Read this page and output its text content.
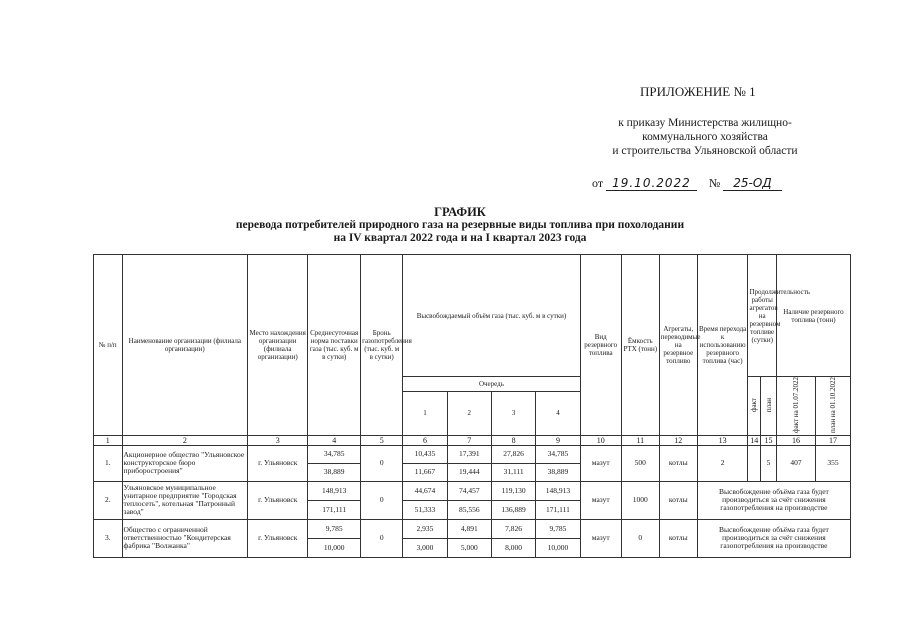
ПРИЛОЖЕНИЕ № 1
к приказу Министерства жилищно-
коммунального хозяйства
и строительства Ульяновской области
от 19.10.2022 № 25-ОД
ГРАФИК
перевода потребителей природного газа на резервные виды топлива при похолодании
на IV квартал 2022 года и на I квартал 2023 года
№ п/п	Наименование организации (филиала организации)	Место нахождения организации (филиала организации)	Среднесуточная норма поставки газа (тыс. куб. м в сутки)	Бронь газопотребления (тыс. куб. м в сутки)	Высвобождаемый объём газа (тыс. куб. м в сутки)				Вид резервного топлива	Ёмкость РТХ (тонн)	Агрегаты, переводимые на резервное топливо	Время перехода к использованию резервного топлива (час)	Продолжительность работы агрегатов на резервном топливе (сутки)		Наличие резервного топлива (тонн)	
					Очередь								факт	план	факт на 01.07.2022	план на 01.10.2022
					1	2	3	4								
1	2	3	4	5	6	7	8	9	10	11	12	13	14	15	16	17
1.	Акционерное общество "Ульяновское конструкторское бюро приборостроения"	г. Ульяновск	34,785	0	10,435	17,391	27,826	34,785	мазут	500	котлы	2		5	407	355
			38,889		11,667	19,444	31,111	38,889								
2.	Ульяновское муниципальное унитарное предприятие "Городская теплосеть", котельная "Патронный завод"	г. Ульяновск	148,913	0	44,674	74,457	119,130	148,913	мазут	1000	котлы	Высвобождение объёма газа будет производиться за счёт снижения газопотребления на производстве				
			171,111		51,333	85,556	136,889	171,111								
3.	Общество с ограниченной ответственностью "Кондитерская фабрика "Волжанка"	г. Ульяновск	9,785	0	2,935	4,891	7,826	9,785	мазут	0	котлы	Высвобождение объёма газа будет производиться за счёт снижения газопотребления на производстве				
			10,000		3,000	5,000	8,000	10,000								
